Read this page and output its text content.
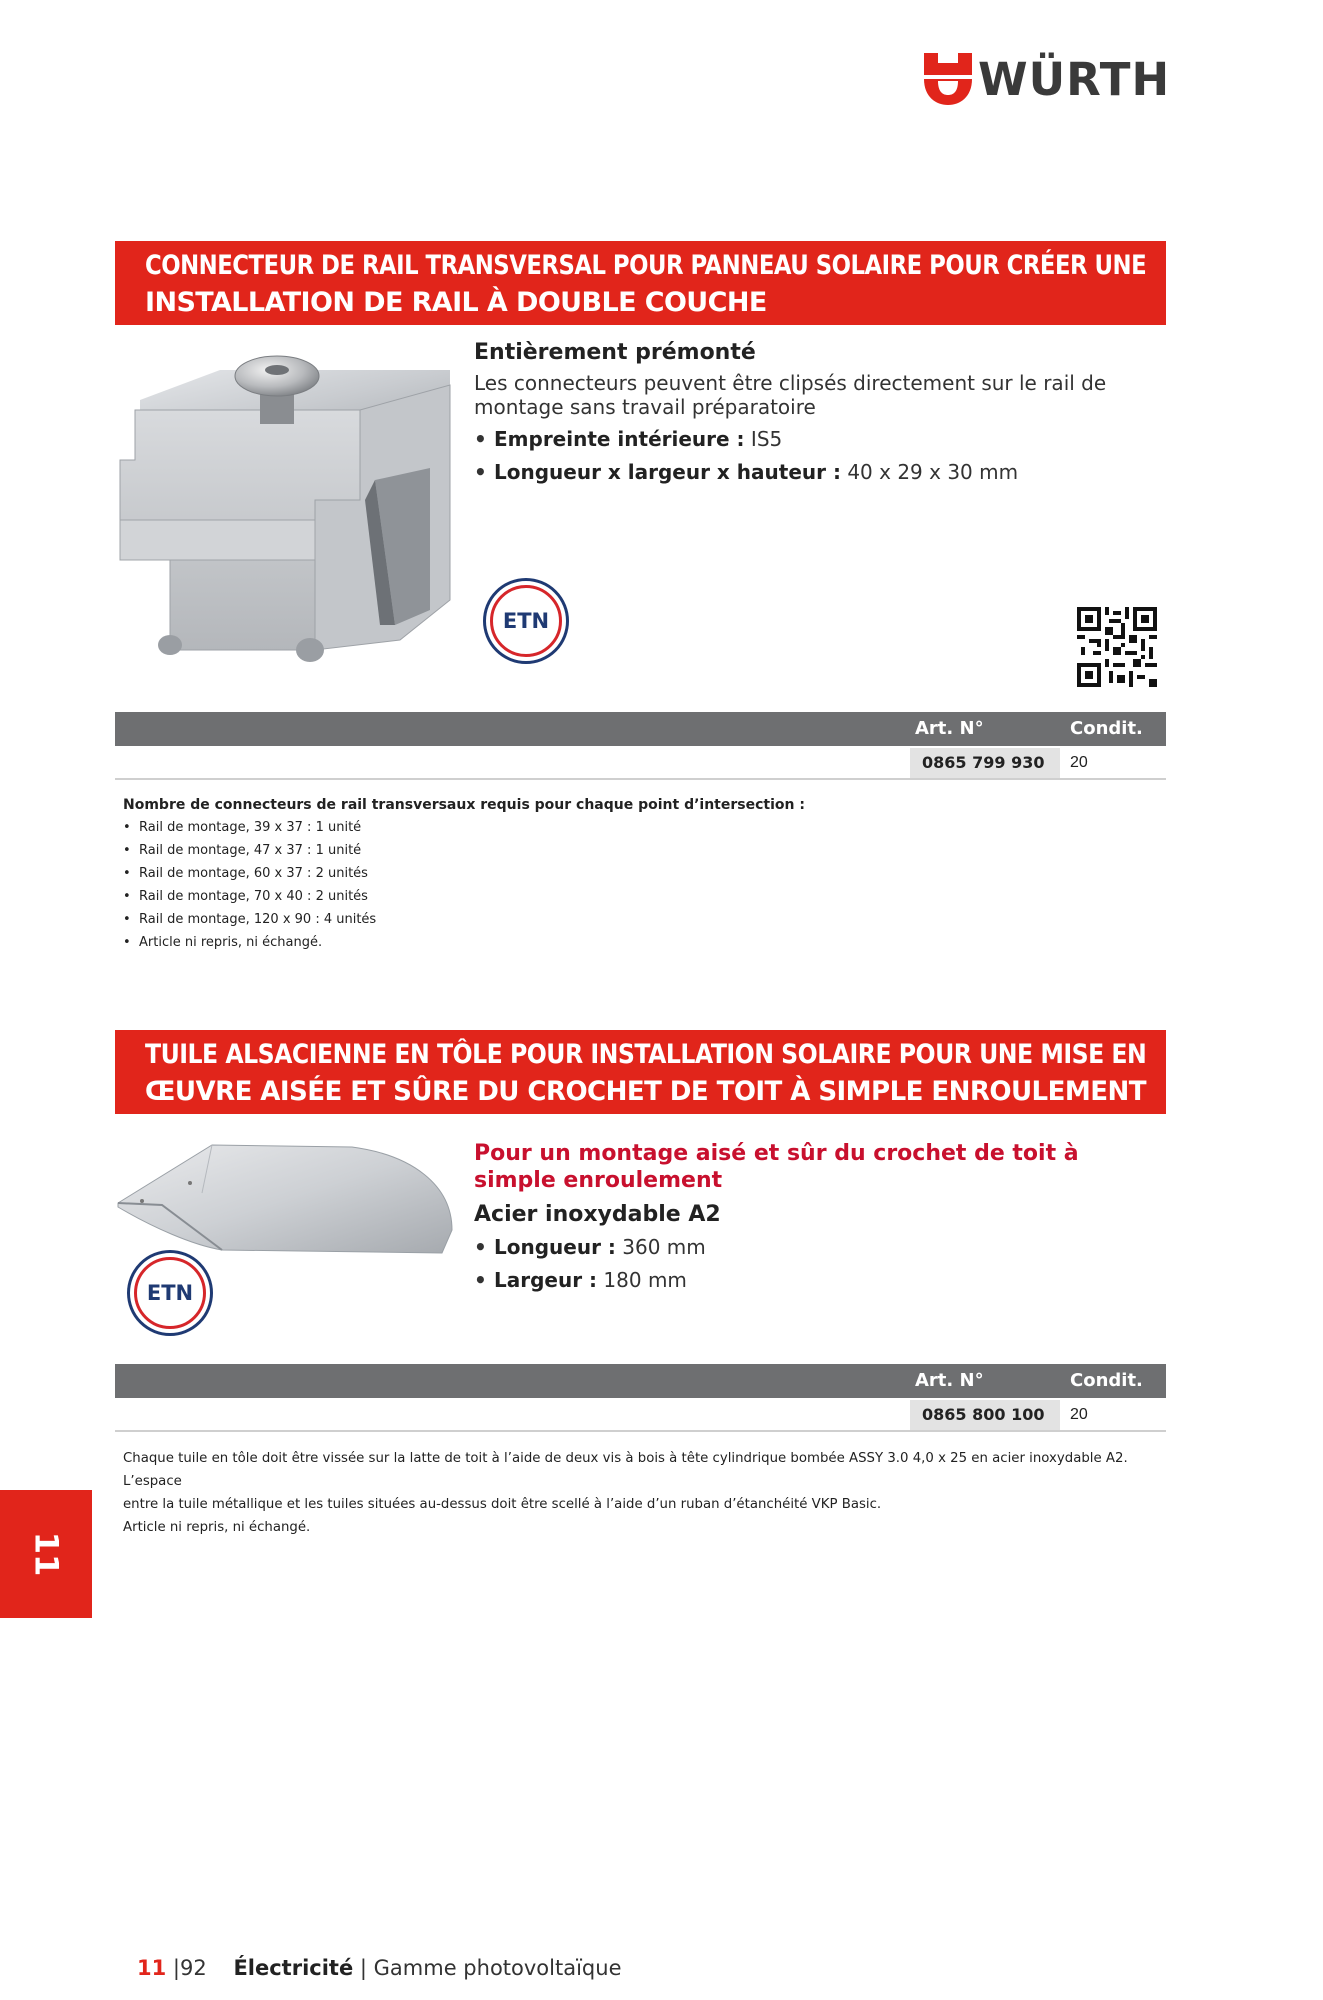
WÜRTH
CONNECTEUR DE RAIL TRANSVERSAL POUR PANNEAU SOLAIRE POUR CRÉER UNE
INSTALLATION DE RAIL À DOUBLE COUCHE
ETN
Entièrement prémonté

Les connecteurs peuvent être clipsés directement sur le rail de montage sans travail préparatoire

• Empreinte intérieure : IS5
• Longueur x largeur x hauteur : 40 x 29 x 30 mm
Art. N°	Condit.
0865 799 930	20
Nombre de connecteurs de rail transversaux requis pour chaque point d’intersection :
• Rail de montage, 39 x 37 : 1 unité
• Rail de montage, 47 x 37 : 1 unité
• Rail de montage, 60 x 37 : 2 unités
• Rail de montage, 70 x 40 : 2 unités
• Rail de montage, 120 x 90 : 4 unités
• Article ni repris, ni échangé.
TUILE ALSACIENNE EN TÔLE POUR INSTALLATION SOLAIRE POUR UNE MISE EN
ŒUVRE AISÉE ET SÛRE DU CROCHET DE TOIT À SIMPLE ENROULEMENT
ETN
Pour un montage aisé et sûr du crochet de toit à simple enroulement
Acier inoxydable A2
• Longueur : 360 mm
• Largeur : 180 mm
Art. N°	Condit.
0865 800 100	20

Chaque tuile en tôle doit être vissée sur la latte de toit à l’aide de deux vis à bois à tête cylindrique bombée ASSY 3.0 4,0 x 25 en acier inoxydable A2. L’espace

entre la tuile métallique et les tuiles situées au-dessus doit être scellé à l’aide d’un ruban d’étanchéité VKP Basic.

Article ni repris, ni échangé.

11
11 |92 Électricité | Gamme photovoltaïque
